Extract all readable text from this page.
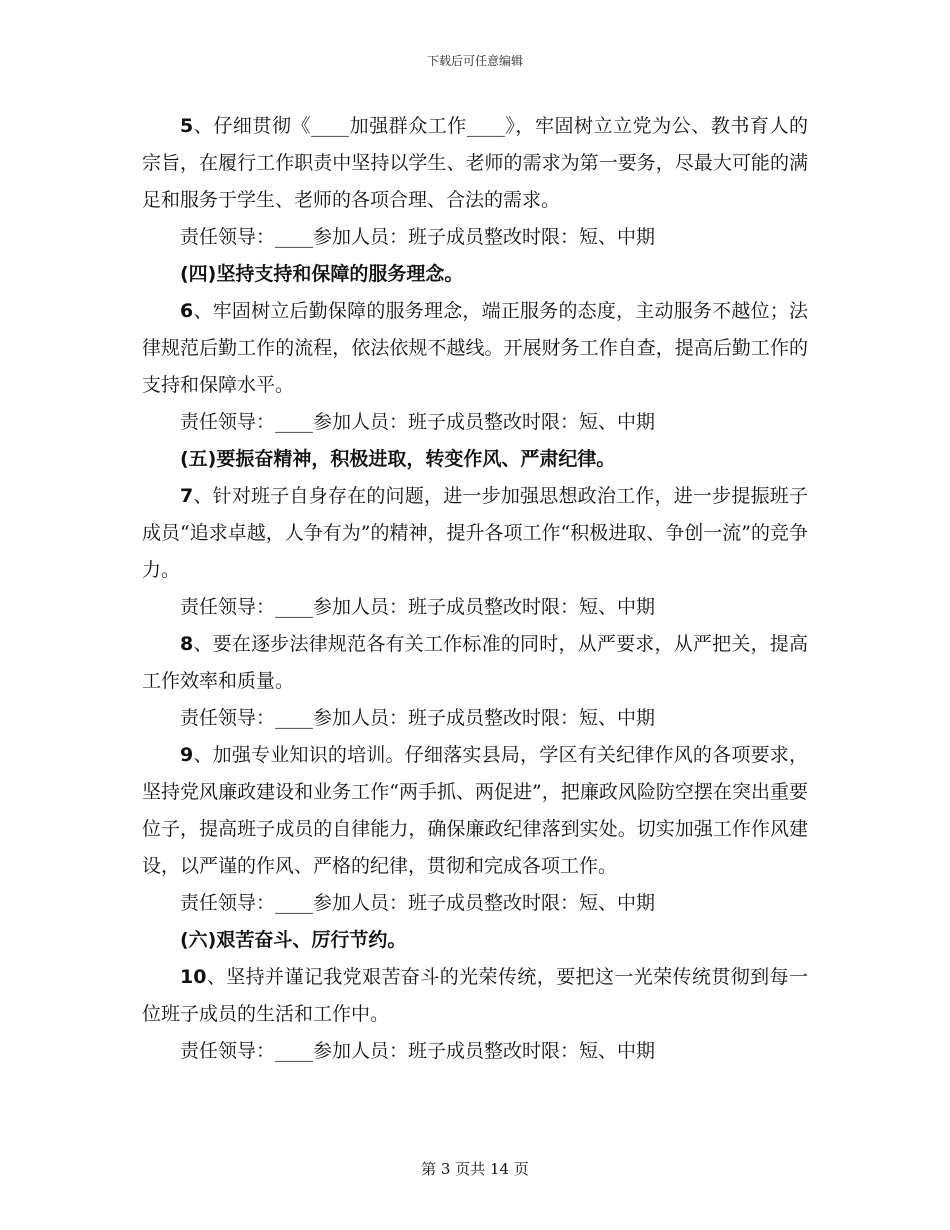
下载后可任意编辑

5、仔细贯彻《____加强群众工作____》，牢固树立立党为公、教书育人的宗旨，在履行工作职责中坚持以学生、老师的需求为第一要务，尽最大可能的满足和服务于学生、老师的各项合理、合法的需求。

责任领导：____参加人员：班子成员整改时限：短、中期

(四)坚持支持和保障的服务理念。

6、牢固树立后勤保障的服务理念，端正服务的态度，主动服务不越位；法律规范后勤工作的流程，依法依规不越线。开展财务工作自查，提高后勤工作的支持和保障水平。

责任领导：____参加人员：班子成员整改时限：短、中期

(五)要振奋精神，积极进取，转变作风、严肃纪律。

7、针对班子自身存在的问题，进一步加强思想政治工作，进一步提振班子成员“追求卓越，人争有为”的精神，提升各项工作“积极进取、争创一流”的竞争力。

责任领导：____参加人员：班子成员整改时限：短、中期

8、要在逐步法律规范各有关工作标准的同时，从严要求，从严把关，提高工作效率和质量。

责任领导：____参加人员：班子成员整改时限：短、中期

9、加强专业知识的培训。仔细落实县局，学区有关纪律作风的各项要求，坚持党风廉政建设和业务工作“两手抓、两促进”，把廉政风险防空摆在突出重要位子，提高班子成员的自律能力，确保廉政纪律落到实处。切实加强工作作风建设，以严谨的作风、严格的纪律，贯彻和完成各项工作。

责任领导：____参加人员：班子成员整改时限：短、中期

(六)艰苦奋斗、厉行节约。

10、坚持并谨记我党艰苦奋斗的光荣传统，要把这一光荣传统贯彻到每一位班子成员的生活和工作中。

责任领导：____参加人员：班子成员整改时限：短、中期

第 3 页共 14 页
